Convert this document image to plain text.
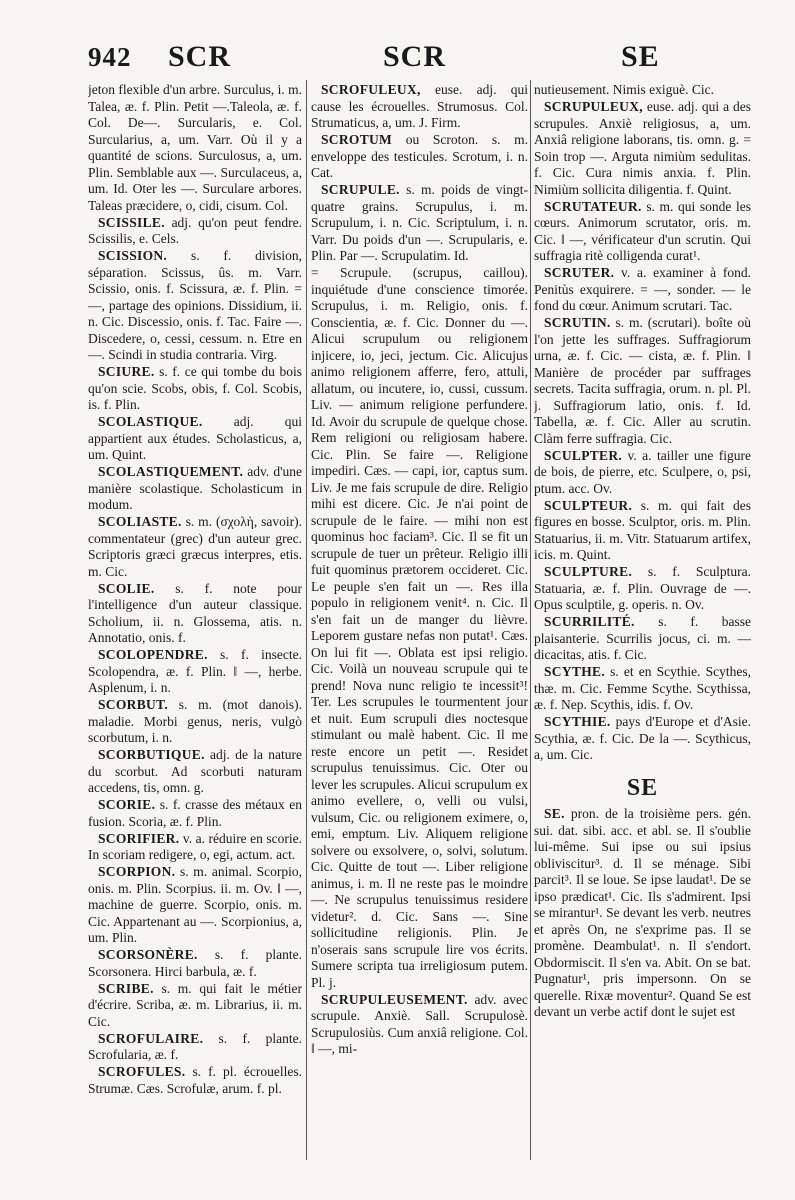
942 SCR	SCR	SE

jeton flexible d'un arbre. Surculus, i. m. Talea, æ. f. Plin. Petit —.Taleola, æ. f. Col. De—. Surcularis, e. Col. Surcularius, a, um. Varr. Où il y a quantité de scions. Surculosus, a, um. Plin. Semblable aux —. Surculaceus, a, um. Id. Oter les —. Surculare arbores. Taleas præcidere, o, cidi, cisum. Col.

SCISSILE. adj. qu'on peut fendre. Scissilis, e. Cels.

SCISSION. s. f. division, séparation. Scissus, ûs. m. Varr. Scissio, onis. f. Scissura, æ. f. Plin. = —, partage des opinions. Dissidium, ii. n. Cic. Discessio, onis. f. Tac. Faire —. Discedere, o, cessi, cessum. n. Etre en —. Scindi in studia contraria. Virg.

SCIURE. s. f. ce qui tombe du bois qu'on scie. Scobs, obis, f. Col. Scobis, is. f. Plin.

SCOLASTIQUE. adj. qui appartient aux études. Scholasticus, a, um. Quint.

SCOLASTIQUEMENT. adv. d'une manière scolastique. Scholasticum in modum.

SCOLIASTE. s. m. (σχολὴ, savoir). commentateur (grec) d'un auteur grec. Scriptoris græci græcus interpres, etis. m. Cic.

SCOLIE. s. f. note pour l'intelligence d'un auteur classique. Scholium, ii. n. Glossema, atis. n. Annotatio, onis. f.

SCOLOPENDRE. s. f. insecte. Scolopendra, æ. f. Plin. ‖ —, herbe. Asplenum, i. n.

SCORBUT. s. m. (mot danois). maladie. Morbi genus, neris, vulgò scorbutum, i. n.

SCORBUTIQUE. adj. de la nature du scorbut. Ad scorbuti naturam accedens, tis, omn. g.

SCORIE. s. f. crasse des métaux en fusion. Scoria, æ. f. Plin.

SCORIFIER. v. a. réduire en scorie. In scoriam redigere, o, egi, actum. act.

SCORPION. s. m. animal. Scorpio, onis. m. Plin. Scorpius. ii. m. Ov. ‖ —, machine de guerre. Scorpio, onis. m. Cic. Appartenant au —. Scorpionius, a, um. Plin.

SCORSONÈRE. s. f. plante. Scorsonera. Hirci barbula, æ. f.

SCRIBE. s. m. qui fait le métier d'écrire. Scriba, æ. m. Librarius, ii. m. Cic.

SCROFULAIRE. s. f. plante. Scrofularia, æ. f.

SCROFULES. s. f. pl. écrouelles. Strumæ. Cæs. Scrofulæ, arum. f. pl.

SCROFULEUX, euse. adj. qui cause les écrouelles. Strumosus. Col. Strumaticus, a, um. J. Firm.

SCROTUM ou Scroton. s. m. enveloppe des testicules. Scrotum, i. n. Cat.

SCRUPULE. s. m. poids de vingt-quatre grains. Scrupulus, i. m. Scrupulum, i. n. Cic. Scriptulum, i. n. Varr. Du poids d'un —. Scrupularis, e. Plin. Par —. Scrupulatim. Id.

= Scrupule. (scrupus, caillou). inquiétude d'une conscience timorée. Scrupulus, i. m. Religio, onis. f. Conscientia, æ. f. Cic. Donner du —. Alicui scrupulum ou religionem injicere, io, jeci, jectum. Cic. Alicujus animo religionem afferre, fero, attuli, allatum, ou incutere, io, cussi, cussum. Liv. — animum religione perfundere. Id. Avoir du scrupule de quelque chose. Rem religioni ou religiosam habere. Cic. Plin. Se faire —. Religione impediri. Cæs. — capi, ior, captus sum. Liv. Je me fais scrupule de dire. Religio mihi est dicere. Cic. Je n'ai point de scrupule de le faire. — mihi non est quominus hoc faciam³. Cic. Il se fit un scrupule de tuer un prêteur. Religio illi fuit quominus prætorem occideret. Cic. Le peuple s'en fait un —. Res illa populo in religionem venit⁴. n. Cic. Il s'en fait un de manger du lièvre. Leporem gustare nefas non putat¹. Cæs. On lui fit —. Oblata est ipsi religio. Cic. Voilà un nouveau scrupule qui te prend! Nova nunc religio te incessit³! Ter. Les scrupules le tourmentent jour et nuit. Eum scrupuli dies noctesque stimulant ou malè habent. Cic. Il me reste encore un petit —. Residet scrupulus tenuissimus. Cic. Oter ou lever les scrupules. Alicui scrupulum ex animo evellere, o, velli ou vulsi, vulsum, Cic. ou religionem eximere, o, emi, emptum. Liv. Aliquem religione solvere ou exsolvere, o, solvi, solutum. Cic. Quitte de tout —. Liber religione animus, i. m. Il ne reste pas le moindre —. Ne scrupulus tenuissimus residere videtur². d. Cic. Sans —. Sine sollicitudine religionis. Plin. Je n'oserais sans scrupule lire vos écrits. Sumere scripta tua irreligiosum putem. Pl. j.

SCRUPULEUSEMENT. adv. avec scrupule. Anxiè. Sall. Scrupulosè. Scrupulosiùs. Cum anxiâ religione. Col. ‖ —, mi-

nutieusement. Nimis exiguè. Cic.

SCRUPULEUX, euse. adj. qui a des scrupules. Anxiè religiosus, a, um. Anxiâ religione laborans, tis. omn. g. = Soin trop —. Arguta nimiùm sedulitas. f. Cic. Cura nimis anxia. f. Plin. Nimiùm sollicita diligentia. f. Quint.

SCRUTATEUR. s. m. qui sonde les cœurs. Animorum scrutator, oris. m. Cic. ‖ —, vérificateur d'un scrutin. Qui suffragia ritè colligenda curat¹.

SCRUTER. v. a. examiner à fond. Penitùs exquirere. = —, sonder. — le fond du cœur. Animum scrutari. Tac.

SCRUTIN. s. m. (scrutari). boîte où l'on jette les suffrages. Suffragiorum urna, æ. f. Cic. — cista, æ. f. Plin. ‖ Manière de procéder par suffrages secrets. Tacita suffragia, orum. n. pl. Pl. j. Suffragiorum latio, onis. f. Id. Tabella, æ. f. Cic. Aller au scrutin. Clàm ferre suffragia. Cic.

SCULPTER. v. a. tailler une figure de bois, de pierre, etc. Sculpere, o, psi, ptum. acc. Ov.

SCULPTEUR. s. m. qui fait des figures en bosse. Sculptor, oris. m. Plin. Statuarius, ii. m. Vitr. Statuarum artifex, icis. m. Quint.

SCULPTURE. s. f. Sculptura. Statuaria, æ. f. Plin. Ouvrage de —. Opus sculptile, g. operis. n. Ov.

SCURRILITÉ. s. f. basse plaisanterie. Scurrilis jocus, ci. m. — dicacitas, atis. f. Cic.

SCYTHE. s. et en Scythie. Scythes, thæ. m. Cic. Femme Scythe. Scythissa, æ. f. Nep. Scythis, idis. f. Ov.

SCYTHIE. pays d'Europe et d'Asie. Scythia, æ. f. Cic. De la —. Scythicus, a, um. Cic.

SE

SE. pron. de la troisième pers. gén. sui. dat. sibi. acc. et abl. se. Il s'oublie lui-même. Sui ipse ou sui ipsius obliviscitur³. d. Il se ménage. Sibi parcit³. Il se loue. Se ipse laudat¹. De se ipso prædicat¹. Cic. Ils s'admirent. Ipsi se mirantur¹. Se devant les verb. neutres et après On, ne s'exprime pas. Il se promène. Deambulat¹. n. Il s'endort. Obdormiscit. Il s'en va. Abit. On se bat. Pugnatur¹, pris impersonn. On se querelle. Rixæ moventur². Quand Se est devant un verbe actif dont le sujet est
